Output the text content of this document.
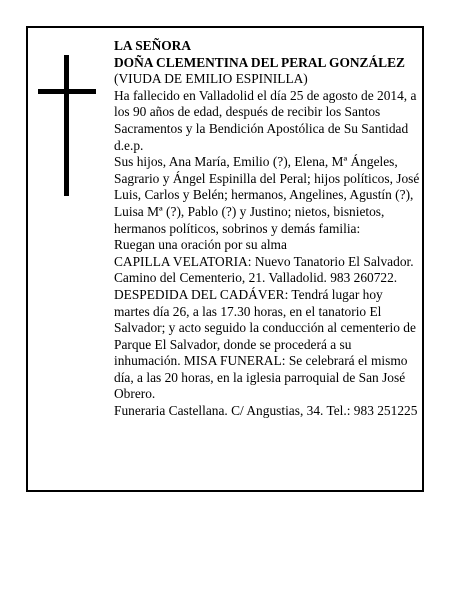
LA SEÑORA

DOÑA CLEMENTINA DEL PERAL GONZÁLEZ

(VIUDA DE EMILIO ESPINILLA)

Ha fallecido en Valladolid el día 25 de agosto de 2014, a los 90 años de edad, después de recibir los Santos Sacramentos y la Bendición Apostólica de Su Santidad

d.e.p.

Sus hijos, Ana María, Emilio (?), Elena, Mª Ángeles, Sagrario y Ángel Espinilla del Peral; hijos políticos, José Luis, Carlos y Belén; hermanos, Angelines, Agustín (?), Luisa Mª (?), Pablo (?) y Justino; nietos, bisnietos, hermanos políticos, sobrinos y demás familia:

Ruegan una oración por su alma

CAPILLA VELATORIA: Nuevo Tanatorio El Salvador. Camino del Cementerio, 21. Valladolid. 983 260722. DESPEDIDA DEL CADÁVER: Tendrá lugar hoy martes día 26, a las 17.30 horas, en el tanatorio El Salvador; y acto seguido la conducción al cementerio de Parque El Salvador, donde se procederá a su inhumación. MISA FUNERAL: Se celebrará el mismo día, a las 20 horas, en la iglesia parroquial de San José Obrero.

Funeraria Castellana. C/ Angustias, 34. Tel.: 983 251225
